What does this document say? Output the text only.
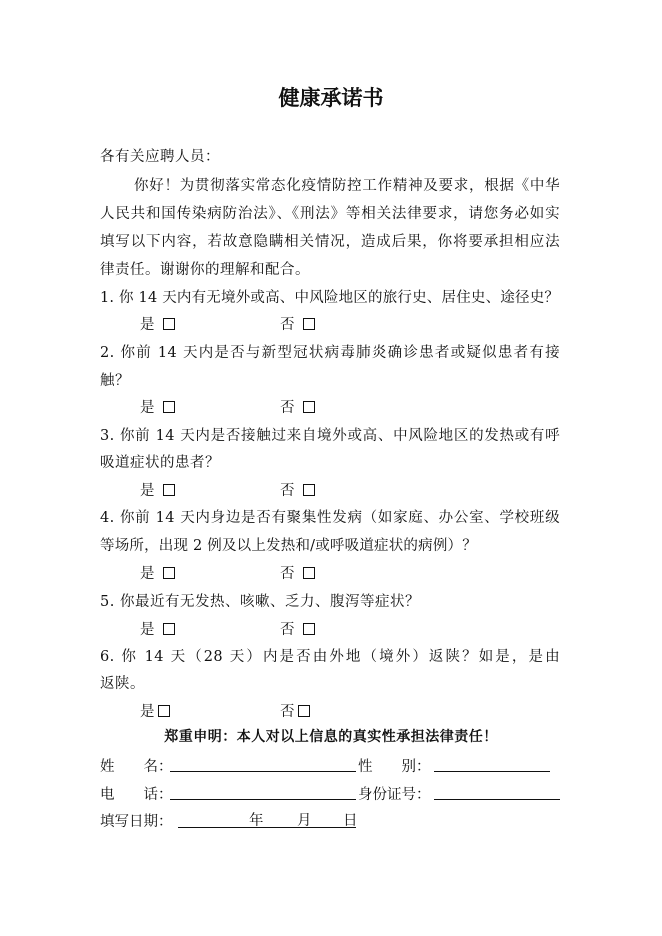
健康承诺书
各有关应聘人员：
你好！为贯彻落实常态化疫情防控工作精神及要求，根据《中华
人民共和国传染病防治法》、《刑法》等相关法律要求，请您务必如实
填写以下内容，若故意隐瞒相关情况，造成后果，你将要承担相应法
律责任。谢谢你的理解和配合。
1. 你 14 天内有无境外或高、中风险地区的旅行史、居住史、途径史？
是	否
2. 你前 14 天内是否与新型冠状病毒肺炎确诊患者或疑似患者有接
触？
是	否
3. 你前 14 天内是否接触过来自境外或高、中风险地区的发热或有呼
吸道症状的患者？
是	否
4. 你前 14 天内身边是否有聚集性发病（如家庭、办公室、学校班级
等场所，出现 2 例及以上发热和/或呼吸道症状的病例）？
是	否
5. 你最近有无发热、咳嗽、乏力、腹泻等症状？
是	否
6. 你 14 天（28 天）内是否由外地（境外）返陕？如是，是由
返陕。
是	否
郑重申明：本人对以上信息的真实性承担法律责任！
姓　　名：	性　　别：
电　　话：	身份证号：
填写日期：	年 月 日
